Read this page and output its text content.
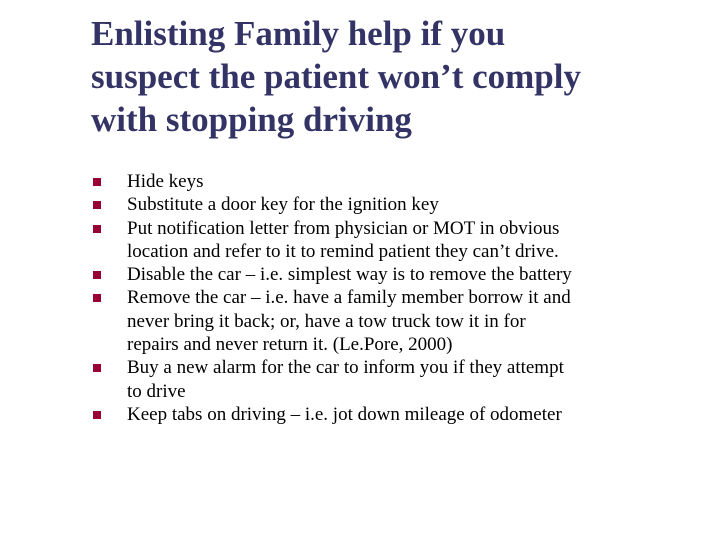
Enlisting Family help if you
suspect the patient won’t comply
with stopping driving
Hide keys
Substitute a door key for the ignition key
Put notification letter from physician or MOT in obvious
location and refer to it to remind patient they can’t drive.
Disable the car – i.e. simplest way is to remove the battery
Remove the car – i.e. have a family member borrow it and
never bring it back; or, have a tow truck tow it in for
repairs and never return it. (Le.Pore, 2000)
Buy a new alarm for the car to inform you if they attempt
to drive
Keep tabs on driving – i.e. jot down mileage of odometer
